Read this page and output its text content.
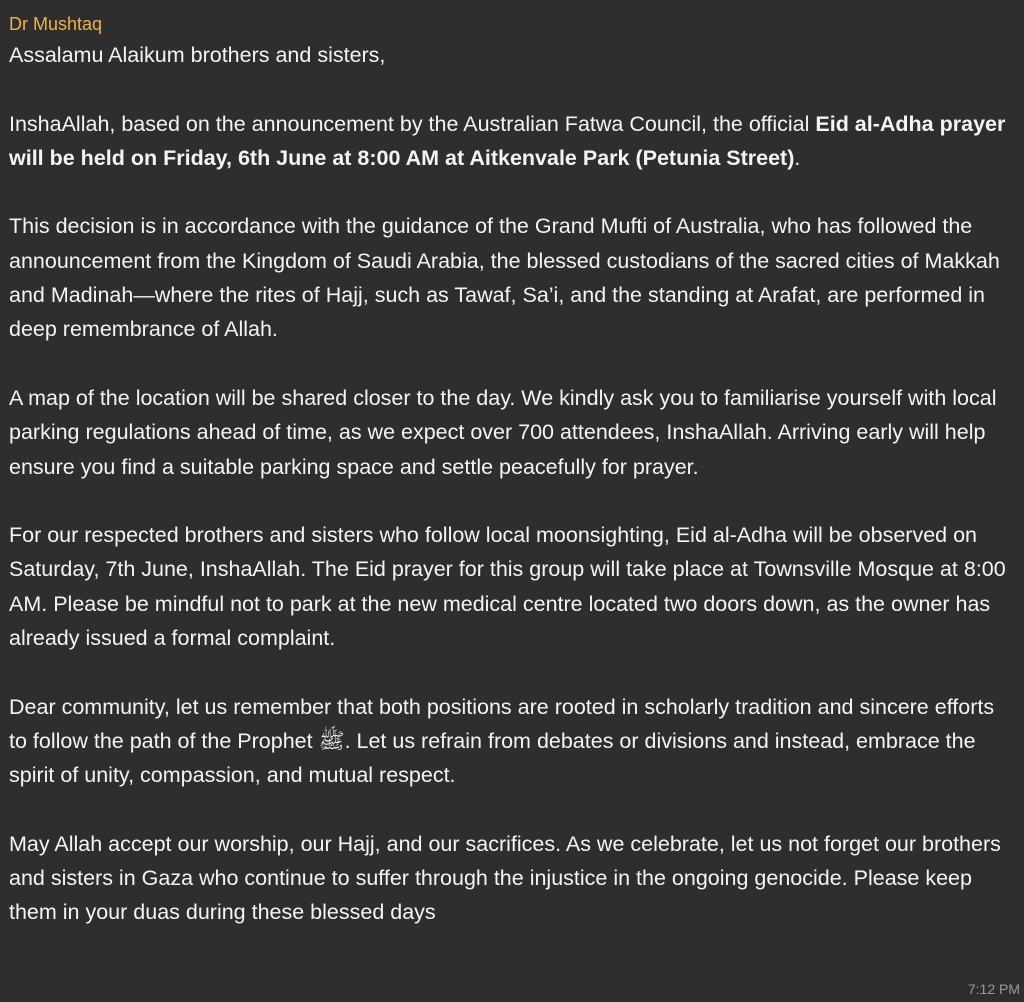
Dr Mushtaq

Assalamu Alaikum brothers and sisters,

InshaAllah, based on the announcement by the Australian Fatwa Council, the official Eid al-Adha prayer will be held on Friday, 6th June at 8:00 AM at Aitkenvale Park (Petunia Street).

This decision is in accordance with the guidance of the Grand Mufti of Australia, who has followed the announcement from the Kingdom of Saudi Arabia, the blessed custodians of the sacred cities of Makkah and Madinah—where the rites of Hajj, such as Tawaf, Sa’i, and the standing at Arafat, are performed in deep remembrance of Allah.

A map of the location will be shared closer to the day. We kindly ask you to familiarise yourself with local parking regulations ahead of time, as we expect over 700 attendees, InshaAllah. Arriving early will help ensure you find a suitable parking space and settle peacefully for prayer.

For our respected brothers and sisters who follow local moonsighting, Eid al-Adha will be observed on Saturday, 7th June, InshaAllah. The Eid prayer for this group will take place at Townsville Mosque at 8:00 AM. Please be mindful not to park at the new medical centre located two doors down, as the owner has already issued a formal complaint.

Dear community, let us remember that both positions are rooted in scholarly tradition and sincere efforts to follow the path of the Prophet ﷺ. Let us refrain from debates or divisions and instead, embrace the spirit of unity, compassion, and mutual respect.

May Allah accept our worship, our Hajj, and our sacrifices. As we celebrate, let us not forget our brothers and sisters in Gaza who continue to suffer through the injustice in the ongoing genocide. Please keep them in your duas during these blessed days

7:12 PM
